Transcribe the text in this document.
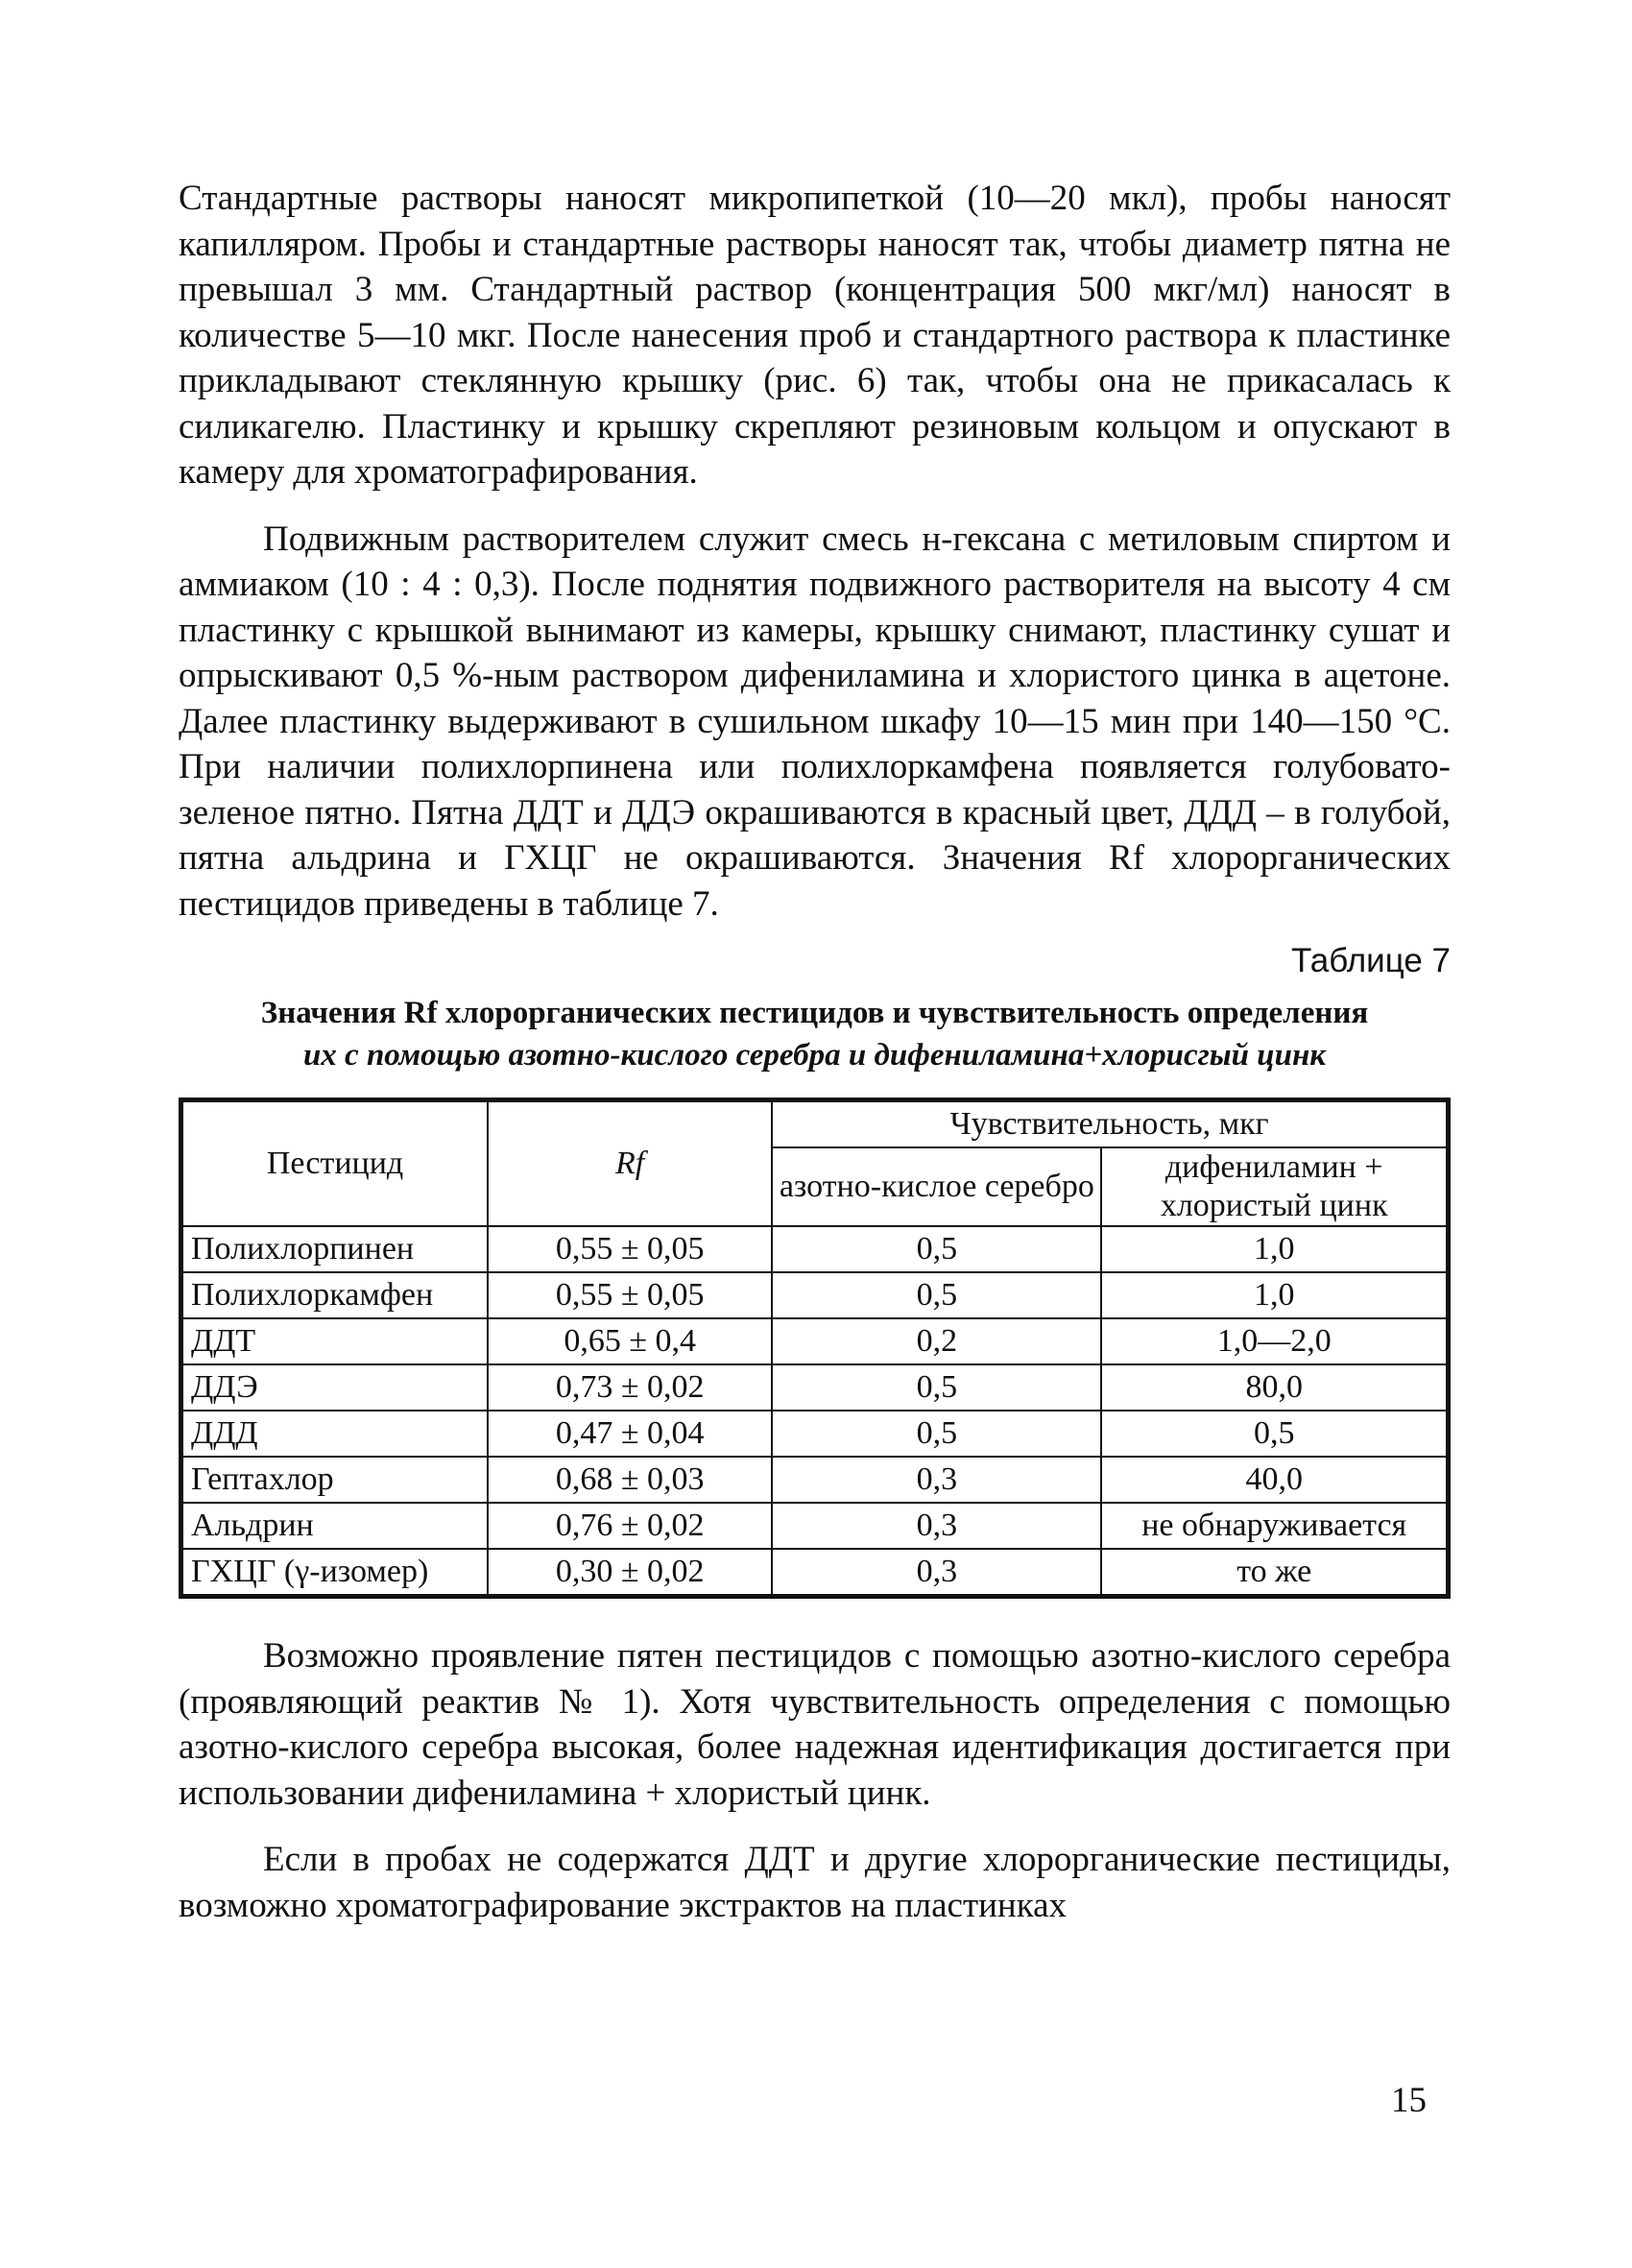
Стандартные растворы наносят микропипеткой (10—20 мкл), пробы наносят капилляром. Пробы и стандартные растворы наносят так, чтобы диаметр пятна не превышал 3 мм. Стандартный раствор (концентрация 500 мкг/мл) наносят в количестве 5—10 мкг. После нанесения проб и стандартного раствора к пластинке прикладывают стеклянную крышку (рис. 6) так, чтобы она не прикасалась к силикагелю. Пластинку и крышку скрепляют резиновым кольцом и опускают в камеру для хроматографирования.

Подвижным растворителем служит смесь н-гексана с метиловым спиртом и аммиаком (10 : 4 : 0,3). После поднятия подвижного растворителя на высоту 4 см пластинку с крышкой вынимают из камеры, крышку снимают, пластинку сушат и опрыскивают 0,5 %-ным раствором дифениламина и хлористого цинка в ацетоне. Далее пластинку выдерживают в сушильном шкафу 10—15 мин при 140—150 °С. При наличии полихлорпинена или полихлоркамфена появляется голубовато-зеленое пятно. Пятна ДДТ и ДДЭ окрашиваются в красный цвет, ДДД – в голубой, пятна альдрина и ГХЦГ не окрашиваются. Значения Rf хлорорганических пестицидов приведены в таблице 7.

Таблице 7
Значения Rf хлорорганических пестицидов и чувствительность определения
их с помощью азотно-кислого серебра и дифениламина+хлорисгый цинк
Пестицид	Rf	Чувствительность, мкг	
		азотно-кислое серебро	дифениламин + хлористый цинк
Полихлорпинен	0,55 ± 0,05	0,5	1,0
Полихлоркамфен	0,55 ± 0,05	0,5	1,0
ДДТ	0,65 ± 0,4	0,2	1,0—2,0
ДДЭ	0,73 ± 0,02	0,5	80,0
ДДД	0,47 ± 0,04	0,5	0,5
Гептахлор	0,68 ± 0,03	0,3	40,0
Альдрин	0,76 ± 0,02	0,3	не обнаруживается
ГХЦГ (γ-изомер)	0,30 ± 0,02	0,3	то же

Возможно проявление пятен пестицидов с помощью азотно-кислого серебра (проявляющий реактив № 1). Хотя чувствительность определения с помощью азотно-кислого серебра высокая, более надежная идентификация достигается при использовании дифениламина + хлористый цинк.

Если в пробах не содержатся ДДТ и другие хлорорганические пестициды, возможно хроматографирование экстрактов на пластинках

15
